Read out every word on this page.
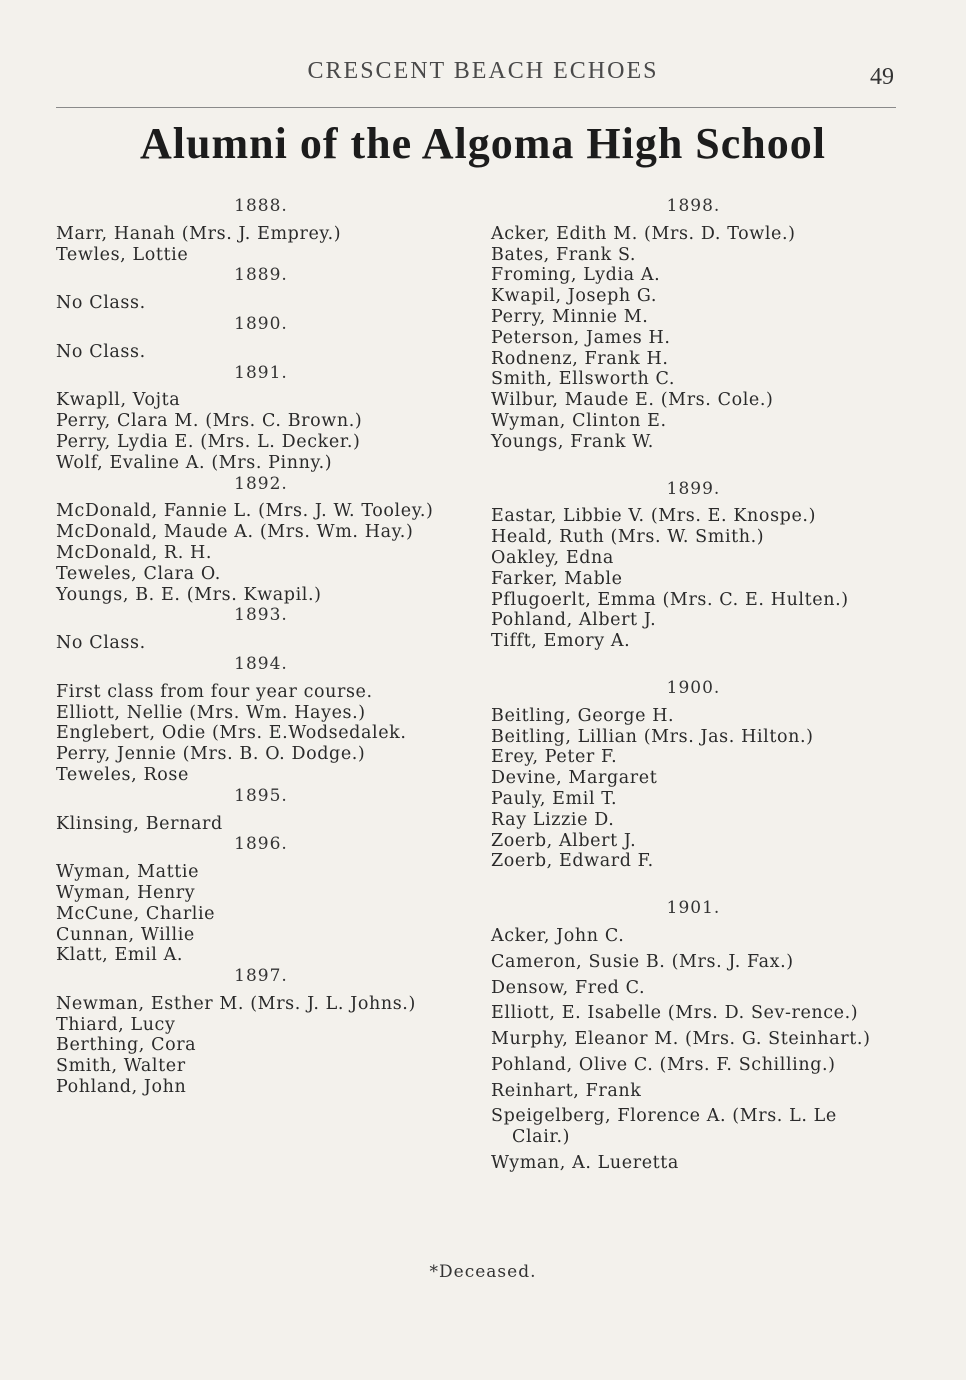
CRESCENT BEACH ECHOES	49
Alumni of the Algoma High School
1888.
Marr, Hanah (Mrs. J. Emprey.)
Tewles, Lottie
1889.
No Class.
1890.
No Class.
1891.
Kwapll, Vojta
Perry, Clara M. (Mrs. C. Brown.)
Perry, Lydia E. (Mrs. L. Decker.)
Wolf, Evaline A. (Mrs. Pinny.)
1892.
McDonald, Fannie L. (Mrs. J. W. Tooley.)
McDonald, Maude A. (Mrs. Wm. Hay.)
McDonald, R. H.
Teweles, Clara O.
Youngs, B. E. (Mrs. Kwapil.)
1893.
No Class.
1894.
First class from four year course.
Elliott, Nellie (Mrs. Wm. Hayes.)
Englebert, Odie (Mrs. E.Wodsedalek.
Perry, Jennie (Mrs. B. O. Dodge.)
Teweles, Rose
1895.
Klinsing, Bernard
1896.
Wyman, Mattie
Wyman, Henry
McCune, Charlie
Cunnan, Willie
Klatt, Emil A.
1897.
Newman, Esther M. (Mrs. J. L. Johns.)
Thiard, Lucy
Berthing, Cora
Smith, Walter
Pohland, John
1898.
Acker, Edith M. (Mrs. D. Towle.)
Bates, Frank S.
Froming, Lydia A.
Kwapil, Joseph G.
Perry, Minnie M.
Peterson, James H.
Rodnenz, Frank H.
Smith, Ellsworth C.
Wilbur, Maude E. (Mrs. Cole.)
Wyman, Clinton E.
Youngs, Frank W.
1899.
Eastar, Libbie V. (Mrs. E. Knospe.)
Heald, Ruth (Mrs. W. Smith.)
Oakley, Edna
Farker, Mable
Pflugoerlt, Emma (Mrs. C. E. Hulten.)
Pohland, Albert J.
Tifft, Emory A.
1900.
Beitling, George H.
Beitling, Lillian (Mrs. Jas. Hilton.)
Erey, Peter F.
Devine, Margaret
Pauly, Emil T.
Ray Lizzie D.
Zoerb, Albert J.
Zoerb, Edward F.
1901.
Acker, John C.
Cameron, Susie B. (Mrs. J. Fax.)
Densow, Fred C.
Elliott, E. Isabelle (Mrs. D. Sev-rence.)
Murphy, Eleanor M. (Mrs. G. Steinhart.)
Pohland, Olive C. (Mrs. F. Schilling.)
Reinhart, Frank
Speigelberg, Florence A. (Mrs. L. Le Clair.)
Wyman, A. Lueretta
*Deceased.
